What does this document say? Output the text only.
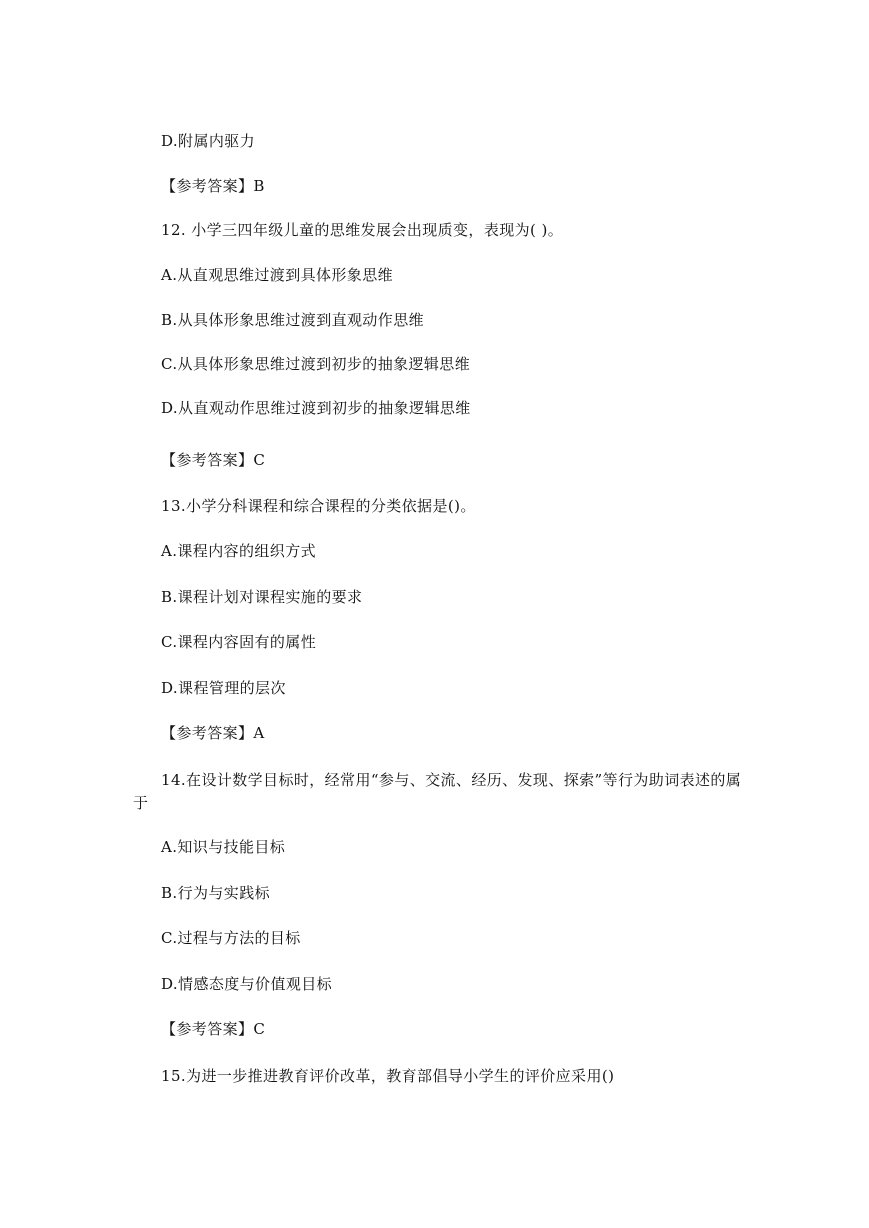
D.附属内驱力
【参考答案】B
12. 小学三四年级儿童的思维发展会出现质变，表现为( )。
A.从直观思维过渡到具体形象思维
B.从具体形象思维过渡到直观动作思维
C.从具体形象思维过渡到初步的抽象逻辑思维
D.从直观动作思维过渡到初步的抽象逻辑思维
【参考答案】C
13.小学分科课程和综合课程的分类依据是()。
A.课程内容的组织方式
B.课程计划对课程实施的要求
C.课程内容固有的属性
D.课程管理的层次
【参考答案】A
14.在设计数学目标时，经常用“参与、交流、经历、发现、探索”等行为助词表述的属
于
A.知识与技能目标
B.行为与实践标
C.过程与方法的目标
D.情感态度与价值观目标
【参考答案】C
15.为进一步推进教育评价改革，教育部倡导小学生的评价应采用()
